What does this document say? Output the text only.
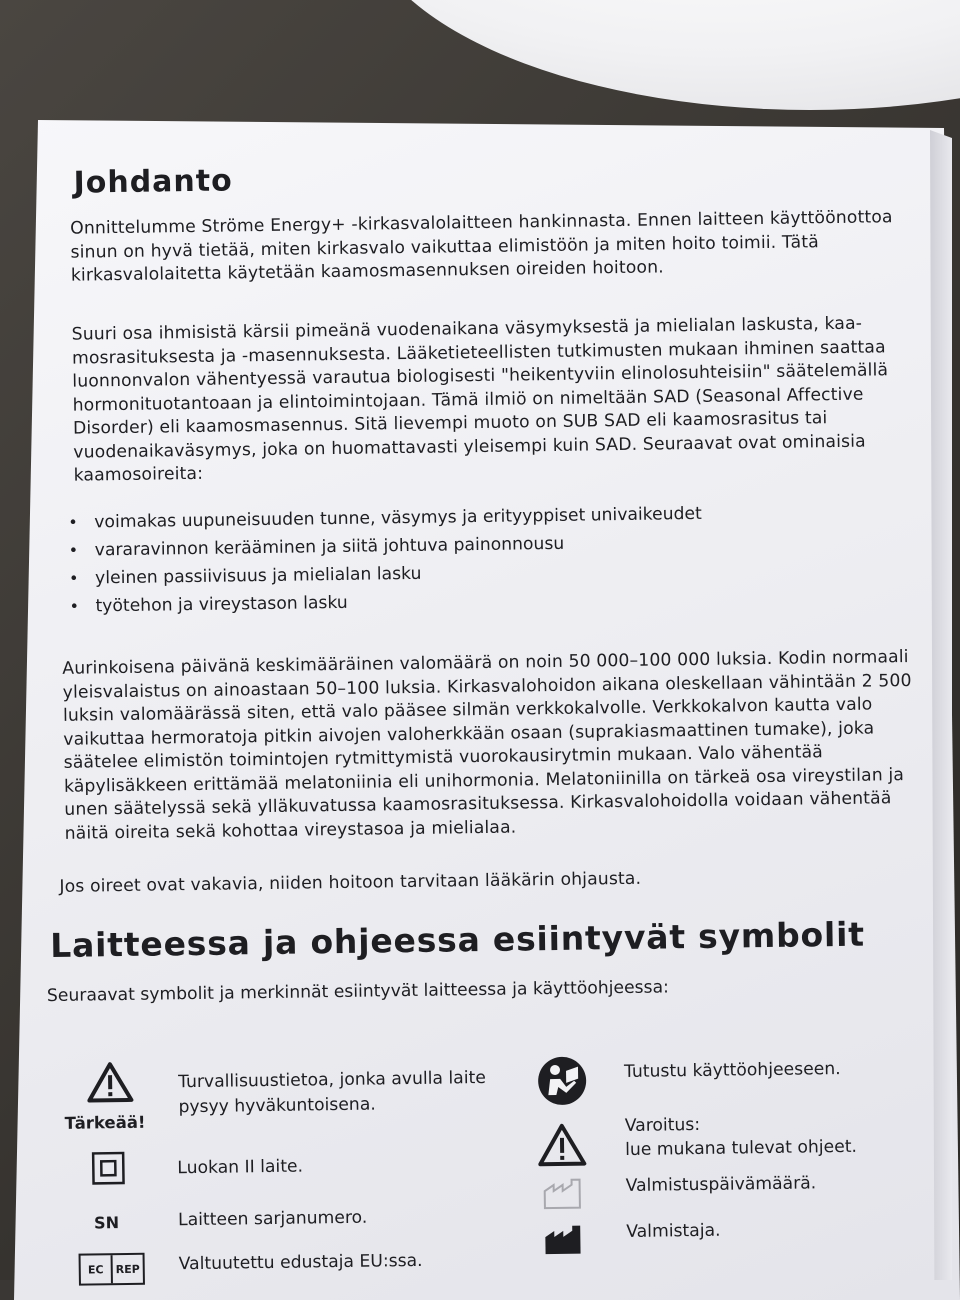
Johdanto

Onnittelumme Ströme Energy+ -kirkasvalolaitteen hankinnasta. Ennen laitteen käyttöönottoa sinun on hyvä tietää, miten kirkasvalo vaikuttaa elimistöön ja miten hoito toimii. Tätä kirkasvalolaitetta käytetään kaamosmasennuksen oireiden hoitoon.

Suuri osa ihmisistä kärsii pimeänä vuodenaikana väsymyksestä ja mielialan laskusta, kaamosrasituksesta ja -masennuksesta. Lääketieteellisten tutkimusten mukaan ihminen saattaa luonnonvalon vähentyessä varautua biologisesti "heikentyviin elinolosuhteisiin" säätelemällä hormonituotantoaan ja elintoimintojaan. Tämä ilmiö on nimeltään SAD (Seasonal Affective Disorder) eli kaamosmasennus. Sitä lievempi muoto on SUB SAD eli kaamosrasitus tai vuodenaikaväsymys, joka on huomattavasti yleisempi kuin SAD. Seuraavat ovat ominaisia kaamosoireita:

• voimakas uupuneisuuden tunne, väsymys ja erityyppiset univaikeudet
• vararavinnon kerääminen ja siitä johtuva painonnousu
• yleinen passiivisuus ja mielialan lasku
• työtehon ja vireystason lasku

Aurinkoisena päivänä keskimääräinen valomäärä on noin 50 000–100 000 luksia. Kodin normaali yleisvalaistus on ainoastaan 50–100 luksia. Kirkasvalohoidon aikana oleskellaan vähintään 2 500 luksin valomäärässä siten, että valo pääsee silmän verkkokalvolle. Verkkokalvon kautta valo vaikuttaa hermoratoja pitkin aivojen valoherkkään osaan (suprakiasmaattinen tumake), joka säätelee elimistön toimintojen rytmittymistä vuorokausirytmin mukaan. Valo vähentää käpylisäkkeen erittämää melatoniinia eli unihormonia. Melatoniinilla on tärkeä osa vireystilan ja unen säätelyssä sekä ylläkuvatussa kaamosrasituksessa. Kirkasvalohoidolla voidaan vähentää näitä oireita sekä kohottaa vireystasoa ja mielialaa.

Jos oireet ovat vakavia, niiden hoitoon tarvitaan lääkärin ohjausta.

Laitteessa ja ohjeessa esiintyvät symbolit

Seuraavat symbolit ja merkinnät esiintyvät laitteessa ja käyttöohjeessa:

Tärkeää!
Turvallisuustietoa, jonka avulla laite pysyy hyväkuntoisena.
Luokan II laite.
SN	Laitteen sarjanumero.
EC	REP Valtuutettu edustaja EU:ssa.
Tutustu käyttöohjeeseen.
Varoitus:
lue mukana tulevat ohjeet.
Valmistuspäivämäärä.
Valmistaja.
